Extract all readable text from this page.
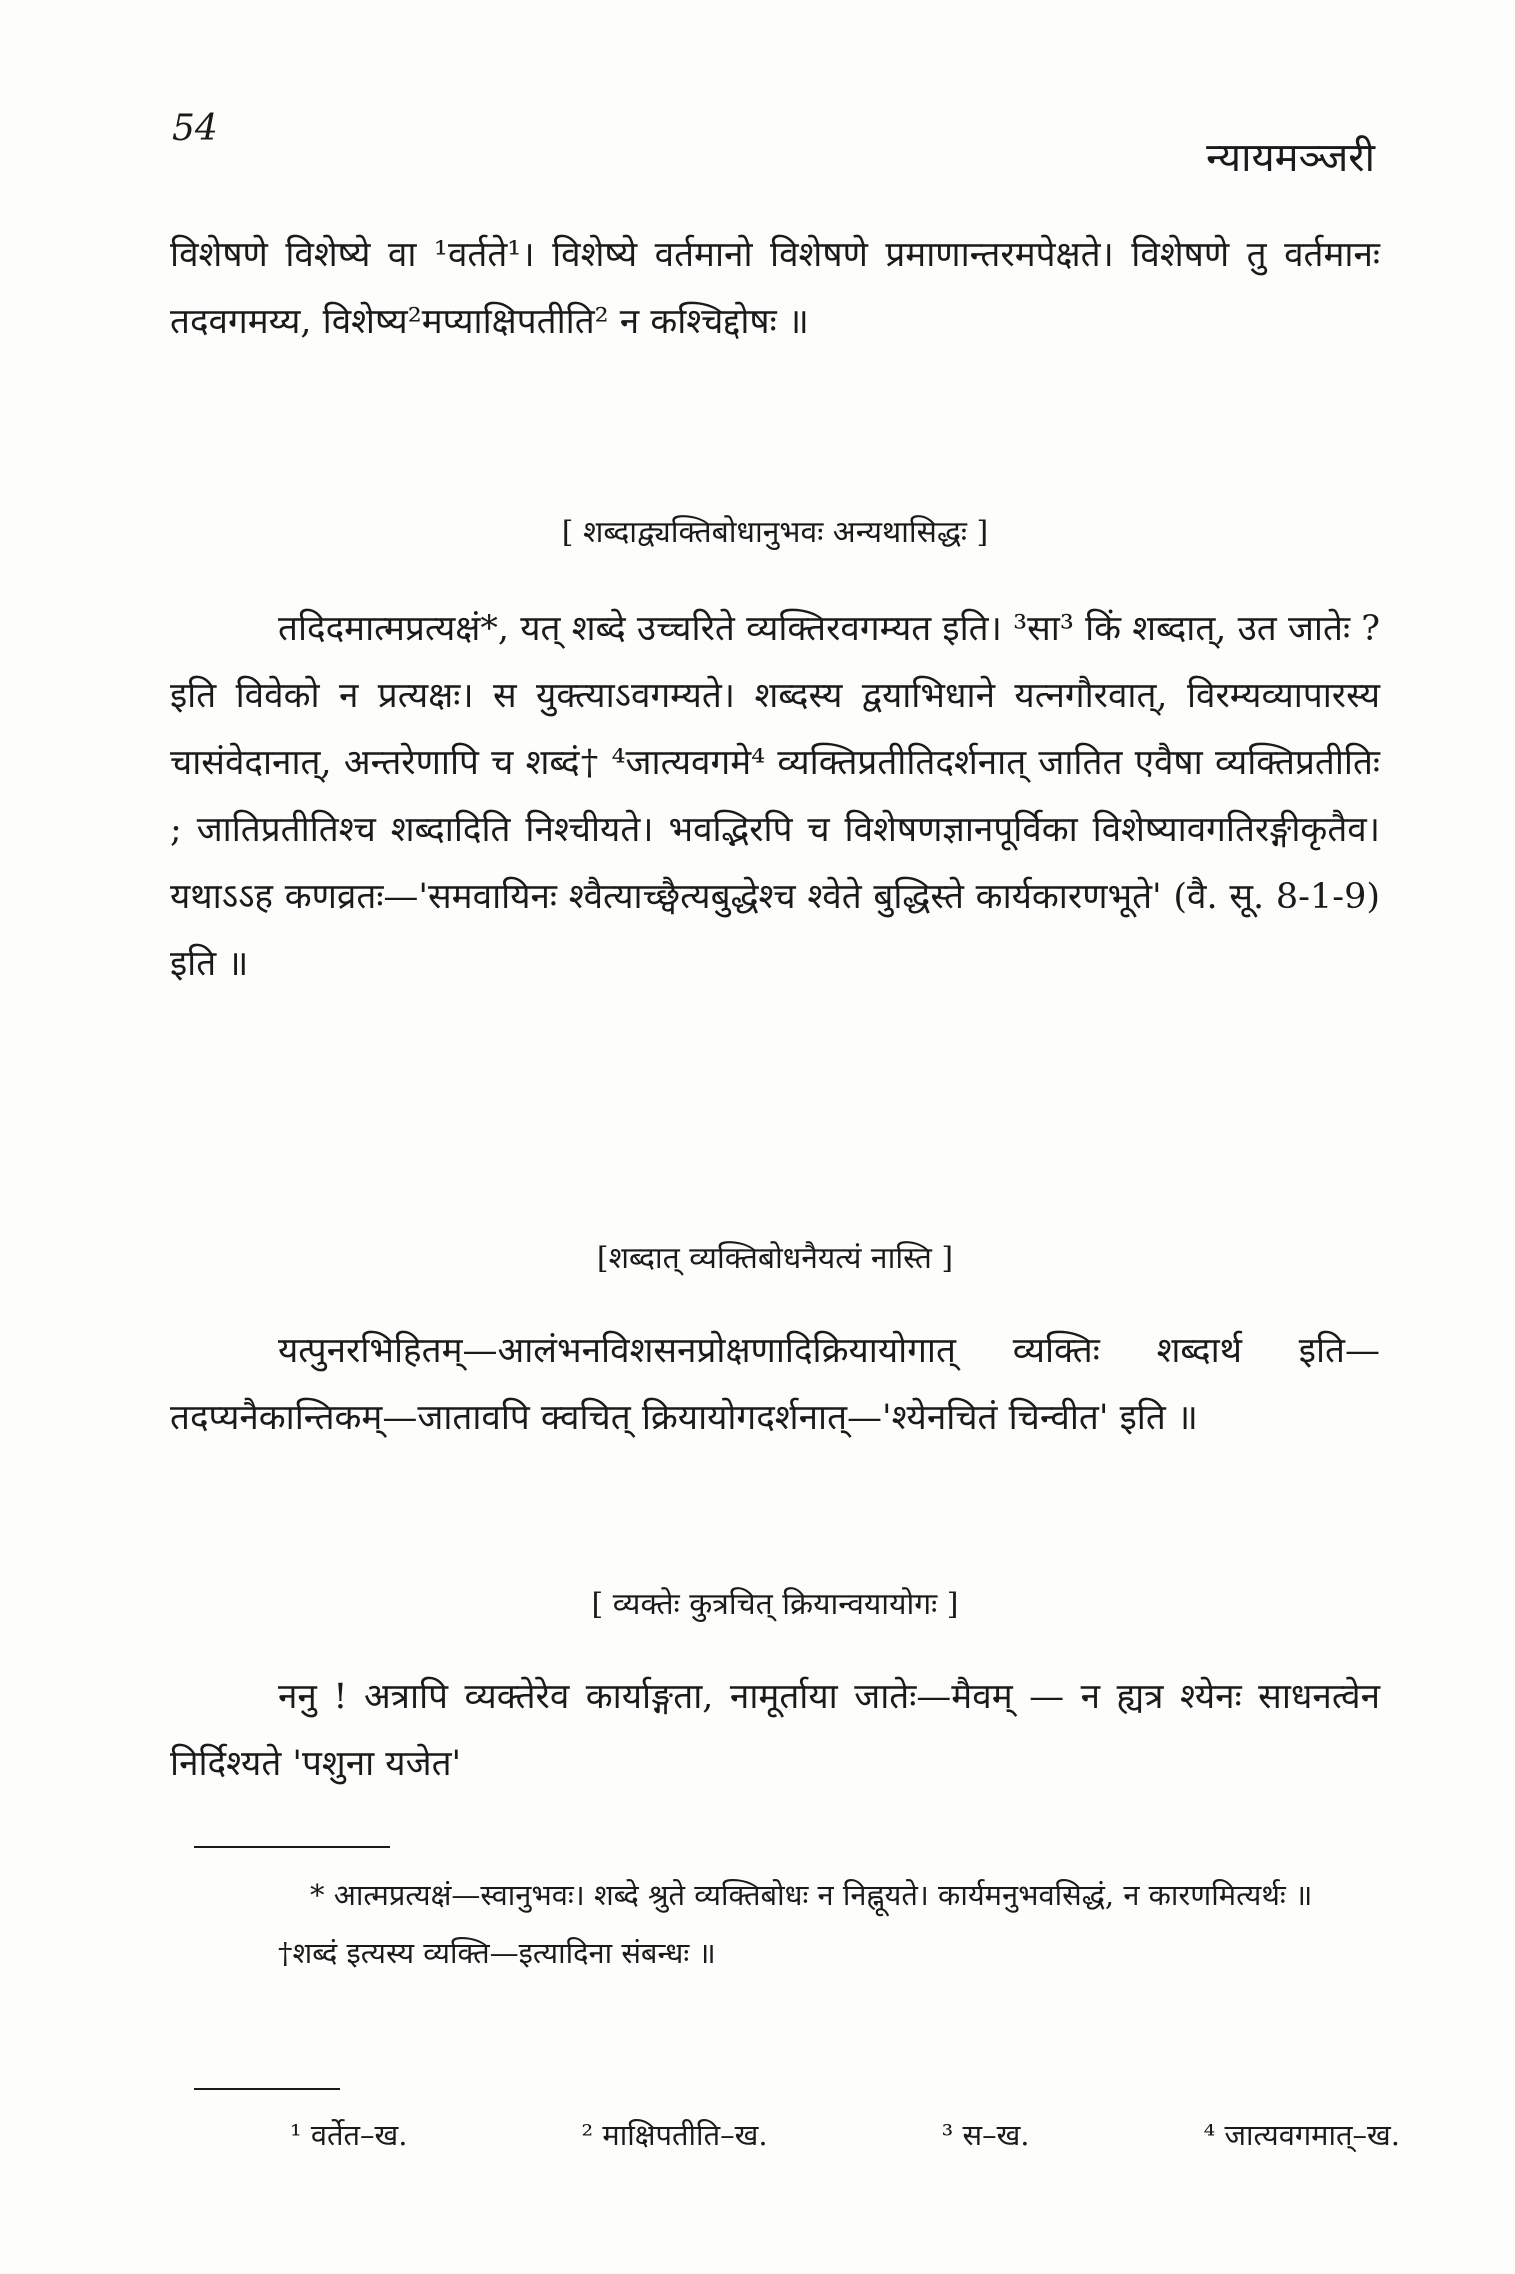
54
न्यायमञ्जरी

विशेषणे विशेष्ये वा ¹वर्तते¹। विशेष्ये वर्तमानो विशेषणे प्रमाणान्तरमपेक्षते। विशेषणे तु वर्तमानः तदवगमय्य, विशेष्य²मप्याक्षिपतीति² न कश्चिद्दोषः ॥

[ शब्दाद्व्यक्तिबोधानुभवः अन्यथासिद्धः ]

तदिदमात्मप्रत्यक्षं*, यत् शब्दे उच्चरिते व्यक्तिरवगम्यत इति। ³सा³ किं शब्दात्, उत जातेः ? इति विवेको न प्रत्यक्षः। स युक्त्याऽवगम्यते। शब्दस्य द्वयाभिधाने यत्नगौरवात्, विरम्यव्यापारस्य चासंवेदानात्, अन्तरेणापि च शब्दं† ⁴जात्यवगमे⁴ व्यक्तिप्रतीतिदर्शनात् जातित एवैषा व्यक्तिप्रतीतिः ; जातिप्रतीतिश्च शब्दादिति निश्चीयते। भवद्भिरपि च विशेषणज्ञानपूर्विका विशेष्यावगतिरङ्गीकृतैव। यथाऽऽह कणव्रतः—'समवायिनः श्वैत्याच्छ्वैत्यबुद्धेश्च श्वेते बुद्धिस्ते कार्यकारणभूते' (वै. सू. 8-1-9) इति ॥

[शब्दात् व्यक्तिबोधनैयत्यं नास्ति ]

यत्पुनरभिहितम्—आलंभनविशसनप्रोक्षणादिक्रियायोगात् व्यक्तिः शब्दार्थ इति—तदप्यनैकान्तिकम्—जातावपि क्वचित् क्रियायोगदर्शनात्—'श्येनचितं चिन्वीत' इति ॥

[ व्यक्तेः कुत्रचित् क्रियान्वयायोगः ]

ननु ! अत्रापि व्यक्तेरेव कार्याङ्गता, नामूर्ताया जातेः—मैवम् — न ह्यत्र श्येनः साधनत्वेन निर्दिश्यते 'पशुना यजेत'

* आत्मप्रत्यक्षं—स्वानुभवः। शब्दे श्रुते व्यक्तिबोधः न निह्नूयते। कार्यमनुभवसिद्धं, न कारणमित्यर्थः ॥

†शब्दं इत्यस्य व्यक्ति—इत्यादिना संबन्धः ॥

¹ वर्तेत–ख.	² माक्षिपतीति–ख.	³ स–ख.	⁴ जात्यवगमात्–ख.
